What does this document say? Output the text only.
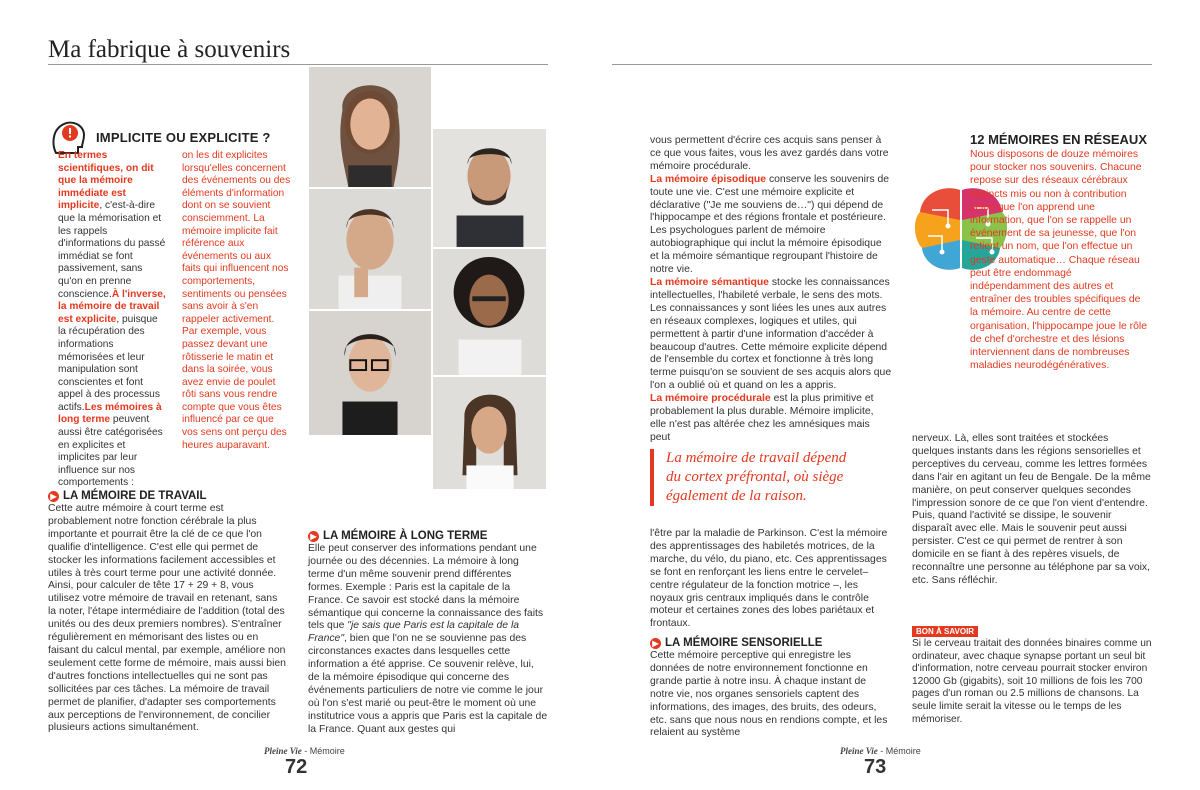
Ma fabrique à souvenirs
IMPLICITE OU EXPLICITE ?
En termes scientifiques, on dit que la mémoire immédiate est implicite, c'est-à-dire que la mémorisation et les rappels d'informations du passé immédiat se font passivement, sans qu'on en prenne conscience.À l'inverse, la mémoire de travail est explicite, puisque la récupération des informations mémorisées et leur manipulation sont conscientes et font appel à des processus actifs.Les mémoires à long terme peuvent aussi être catégorisées en explicites et implicites par leur influence sur nos comportements :
on les dit explicites lorsqu'elles concernent des événements ou des éléments d'information dont on se souvient consciemment. La mémoire implicite fait référence aux événements ou aux faits qui influencent nos comportements, sentiments ou pensées sans avoir à s'en rappeler activement. Par exemple, vous passez devant une rôtisserie le matin et dans la soirée, vous avez envie de poulet rôti sans vous rendre compte que vous êtes influencé par ce que vos sens ont perçu des heures auparavant.
▶ LA MÉMOIRE DE TRAVAIL
Cette autre mémoire à court terme est probablement notre fonction cérébrale la plus importante et pourrait être la clé de ce que l'on qualifie d'intelligence. C'est elle qui permet de stocker les informations facilement accessibles et utiles à très court terme pour une activité donnée. Ainsi, pour calculer de tête 17 + 29 + 8, vous utilisez votre mémoire de travail en retenant, sans la noter, l'étape intermédiaire de l'addition (total des unités ou des deux premiers nombres). S'entraîner régulièrement en mémorisant des listes ou en faisant du calcul mental, par exemple, améliore non seulement cette forme de mémoire, mais aussi bien d'autres fonctions intellectuelles qui ne sont pas sollicitées par ces tâches. La mémoire de travail permet de planifier, d'adapter ses comportements aux perceptions de l'environnement, de concilier plusieurs actions simultanément.
▶ LA MÉMOIRE À LONG TERME
Elle peut conserver des informations pendant une journée ou des décennies. La mémoire à long terme d'un même souvenir prend différentes formes. Exemple : Paris est la capitale de la France. Ce savoir est stocké dans la mémoire sémantique qui concerne la connaissance des faits tels que "je sais que Paris est la capitale de la France", bien que l'on ne se souvienne pas des circonstances exactes dans lesquelles cette information a été apprise. Ce souvenir relève, lui, de la mémoire épisodique qui concerne des événements particuliers de notre vie comme le jour où l'on s'est marié ou peut-être le moment où une institutrice vous a appris que Paris est la capitale de la France. Quant aux gestes qui
Pleine Vie - Mémoire
72
vous permettent d'écrire ces acquis sans penser à ce que vous faites, vous les avez gardés dans votre mémoire procédurale.
La mémoire épisodique conserve les souvenirs de toute une vie. C'est une mémoire explicite et déclarative ("Je me souviens de…") qui dépend de l'hippocampe et des régions frontale et postérieure. Les psychologues parlent de mémoire autobiographique qui inclut la mémoire épisodique et la mémoire sémantique regroupant l'histoire de notre vie.
La mémoire sémantique stocke les connaissances intellectuelles, l'habileté verbale, le sens des mots. Les connaissances y sont liées les unes aux autres en réseaux complexes, logiques et utiles, qui permettent à partir d'une information d'accéder à beaucoup d'autres. Cette mémoire explicite dépend de l'ensemble du cortex et fonctionne à très long terme puisqu'on se souvient de ses acquis alors que l'on a oublié où et quand on les a appris.
La mémoire procédurale est la plus primitive et probablement la plus durable. Mémoire implicite, elle n'est pas altérée chez les amnésiques mais peut
La mémoire de travail dépend du cortex préfrontal, où siège également de la raison.
l'être par la maladie de Parkinson. C'est la mémoire des apprentissages des habiletés motrices, de la marche, du vélo, du piano, etc. Ces apprentissages se font en renforçant les liens entre le cervelet– centre régulateur de la fonction motrice –, les noyaux gris centraux impliqués dans le contrôle moteur et certaines zones des lobes pariétaux et frontaux.
▶ LA MÉMOIRE SENSORIELLE
Cette mémoire perceptive qui enregistre les données de notre environnement fonctionne en grande partie à notre insu. À chaque instant de notre vie, nos organes sensoriels captent des informations, des images, des bruits, des odeurs, etc. sans que nous nous en rendions compte, et les relaient au système
12 MÉMOIRES EN RÉSEAUX
Nous disposons de douze mémoires pour stocker nos souvenirs. Chacune repose sur des réseaux cérébraux distincts mis ou non à contribution selon que l'on apprend une information, que l'on se rappelle un événement de sa jeunesse, que l'on retient un nom, que l'on effectue un geste automatique… Chaque réseau peut être endommagé indépendamment des autres et entraîner des troubles spécifiques de la mémoire. Au centre de cette organisation, l'hippocampe joue le rôle de chef d'orchestre et des lésions interviennent dans de nombreuses maladies neurodégénératives.
nerveux. Là, elles sont traitées et stockées quelques instants dans les régions sensorielles et perceptives du cerveau, comme les lettres formées dans l'air en agitant un feu de Bengale. De la même manière, on peut conserver quelques secondes l'impression sonore de ce que l'on vient d'entendre. Puis, quand l'activité se dissipe, le souvenir disparaît avec elle. Mais le souvenir peut aussi persister. C'est ce qui permet de rentrer à son domicile en se fiant à des repères visuels, de reconnaître une personne au téléphone par sa voix, etc. Sans réfléchir.
BON À SAVOIR
Si le cerveau traitait des données binaires comme un ordinateur, avec chaque synapse portant un seul bit d'information, notre cerveau pourrait stocker environ 12000 Gb (gigabits), soit 10 millions de fois les 700 pages d'un roman ou 2.5 millions de chansons. La seule limite serait la vitesse ou le temps de les mémoriser.
Pleine Vie - Mémoire
73
